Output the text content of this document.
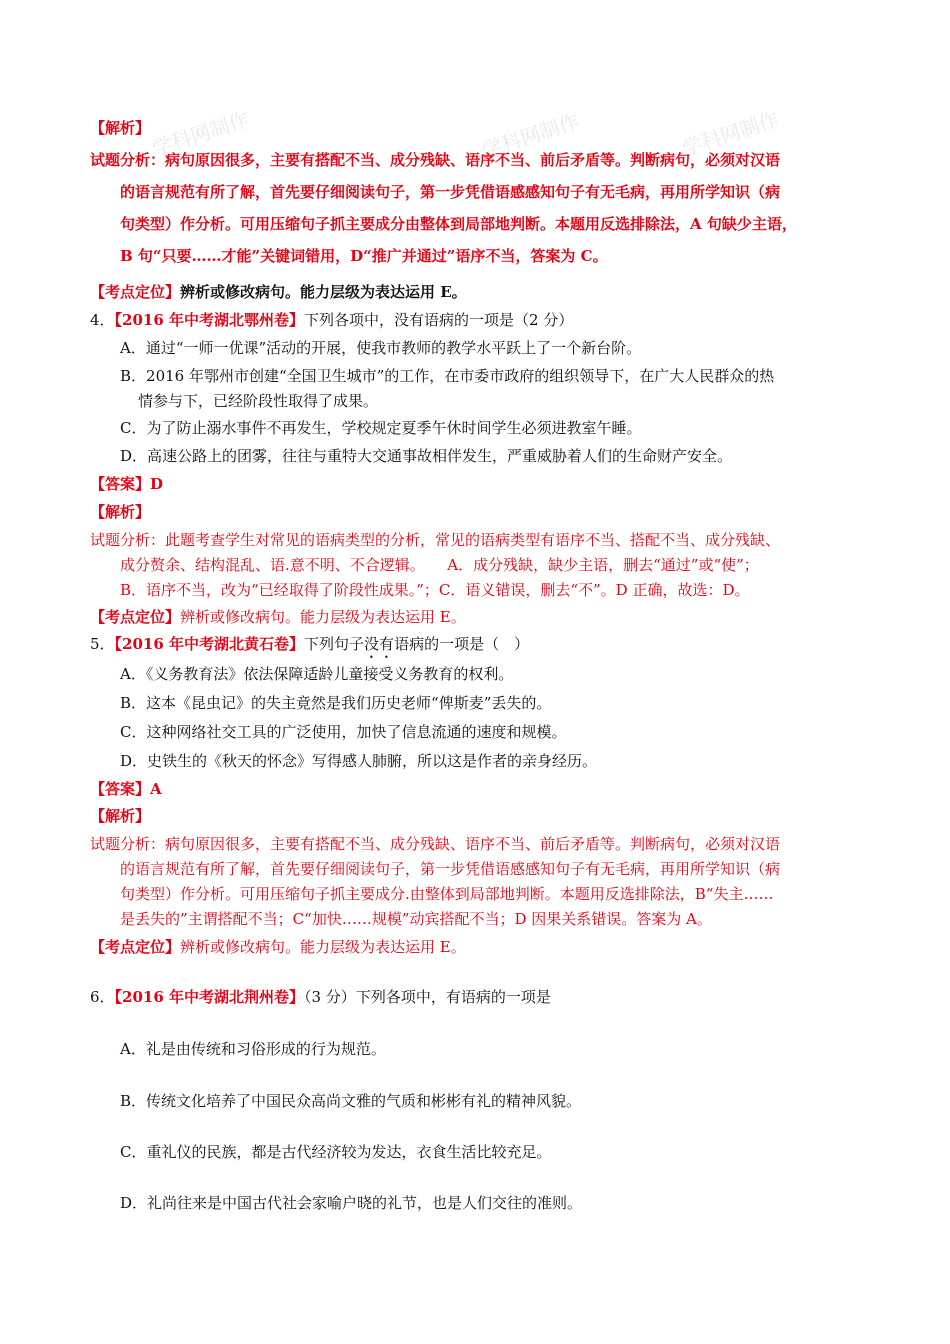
学科网制作	学科网制作	学科网制作
【解析】
试题分析：病句原因很多，主要有搭配不当、成分残缺、语序不当、前后矛盾等。判断病句，必须对汉语
的语言规范有所了解，首先要仔细阅读句子，第一步凭借语感感知句子有无毛病，再用所学知识（病
句类型）作分析。可用压缩句子抓主要成分由整体到局部地判断。本题用反选排除法，A 句缺少主语，
B 句“只要……才能”关键词错用，D“推广并通过”语序不当，答案为 C。
【考点定位】辨析或修改病句。能力层级为表达运用 E。
4．【2016 年中考湖北鄂州卷】下列各项中，没有语病的一项是（2 分）
A．通过“一师一优课”活动的开展，使我市教师的教学水平跃上了一个新台阶。
B．2016 年鄂州市创建“全国卫生城市”的工作，在市委市政府的组织领导下，在广大人民群众的热
情参与下，已经阶段性取得了成果。
C．为了防止溺水事件不再发生，学校规定夏季午休时间学生必须进教室午睡。
D．高速公路上的团雾，往往与重特大交通事故相伴发生，严重威胁着人们的生命财产安全。
【答案】D
【解析】
试题分析：此题考查学生对常见的语病类型的分析，常见的语病类型有语序不当、搭配不当、成分残缺、
成分赘余、结构混乱、语.意不明、不合逻辑。　　A．成分残缺，缺少主语，删去“通过”或“使”；
B．语序不当，改为“已经取得了阶段性成果。”；C．语义错误，删去“不”。D 正确，故选：D。
【考点定位】辨析或修改病句。能力层级为表达运用 E。
5．【2016 年中考湖北黄石卷】下列句子没有语病的一项是（　）
A．《义务教育法》依法保障适龄儿童接受义务教育的权利。
B．这本《昆虫记》的失主竟然是我们历史老师“俾斯麦”丢失的。
C．这种网络社交工具的广泛使用，加快了信息流通的速度和规模。
D．史铁生的《秋天的怀念》写得感人肺腑，所以这是作者的亲身经历。
【答案】A
【解析】
试题分析：病句原因很多，主要有搭配不当、成分残缺、语序不当、前后矛盾等。判断病句，必须对汉语
的语言规范有所了解，首先要仔细阅读句子，第一步凭借语感感知句子有无毛病，再用所学知识（病
句类型）作分析。可用压缩句子抓主要成分.由整体到局部地判断。本题用反选排除法，B“失主……
是丢失的”主谓搭配不当；C“加快……规模”动宾搭配不当；D 因果关系错误。答案为 A。
【考点定位】辨析或修改病句。能力层级为表达运用 E。
6．【2016 年中考湖北荆州卷】（3 分）下列各项中，有语病的一项是
A．礼是由传统和习俗形成的行为规范。
B．传统文化培养了中国民众高尚文雅的气质和彬彬有礼的精神风貌。
C．重礼仪的民族，都是古代经济较为发达，衣食生活比较充足。
D．礼尚往来是中国古代社会家喻户晓的礼节，也是人们交往的准则。
